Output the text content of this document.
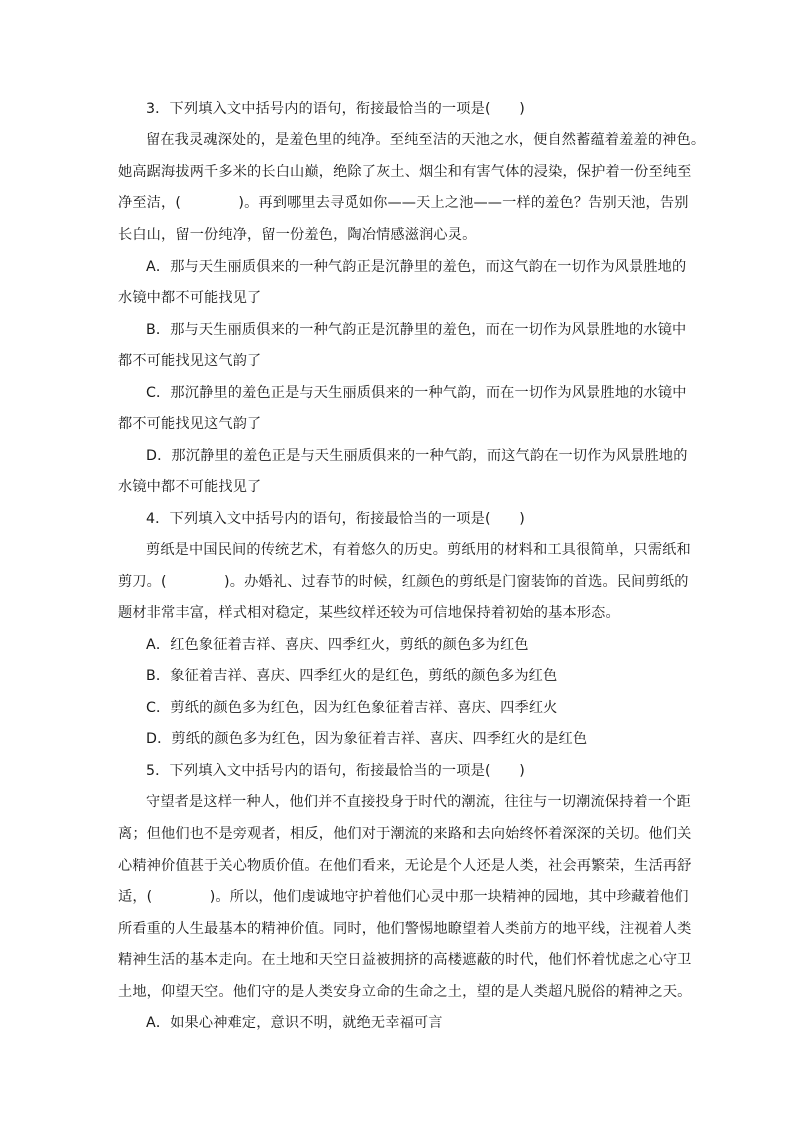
3．下列填入文中括号内的语句，衔接最恰当的一项是(　　)
留在我灵魂深处的，是羞色里的纯净。至纯至洁的天池之水，便自然蓄蕴着羞羞的神色。
她高踞海拔两千多米的长白山巅，绝除了灰土、烟尘和有害气体的浸染，保护着一份至纯至
净至洁，(　　　　)。再到哪里去寻觅如你——天上之池——一样的羞色？告别天池，告别
长白山，留一份纯净，留一份羞色，陶冶情感滋润心灵。
A．那与天生丽质俱来的一种气韵正是沉静里的羞色，而这气韵在一切作为风景胜地的
水镜中都不可能找见了
B．那与天生丽质俱来的一种气韵正是沉静里的羞色，而在一切作为风景胜地的水镜中
都不可能找见这气韵了
C．那沉静里的羞色正是与天生丽质俱来的一种气韵，而在一切作为风景胜地的水镜中
都不可能找见这气韵了
D．那沉静里的羞色正是与天生丽质俱来的一种气韵，而这气韵在一切作为风景胜地的
水镜中都不可能找见了
4．下列填入文中括号内的语句，衔接最恰当的一项是(　　)
剪纸是中国民间的传统艺术，有着悠久的历史。剪纸用的材料和工具很简单，只需纸和
剪刀。(　　　　)。办婚礼、过春节的时候，红颜色的剪纸是门窗装饰的首选。民间剪纸的
题材非常丰富，样式相对稳定，某些纹样还较为可信地保持着初始的基本形态。
A．红色象征着吉祥、喜庆、四季红火，剪纸的颜色多为红色
B．象征着吉祥、喜庆、四季红火的是红色，剪纸的颜色多为红色
C．剪纸的颜色多为红色，因为红色象征着吉祥、喜庆、四季红火
D．剪纸的颜色多为红色，因为象征着吉祥、喜庆、四季红火的是红色
5．下列填入文中括号内的语句，衔接最恰当的一项是(　　)
守望者是这样一种人，他们并不直接投身于时代的潮流，往往与一切潮流保持着一个距
离；但他们也不是旁观者，相反，他们对于潮流的来路和去向始终怀着深深的关切。他们关
心精神价值甚于关心物质价值。在他们看来，无论是个人还是人类，社会再繁荣，生活再舒
适，(　　　　)。所以，他们虔诚地守护着他们心灵中那一块精神的园地，其中珍藏着他们
所看重的人生最基本的精神价值。同时，他们警惕地瞭望着人类前方的地平线，注视着人类
精神生活的基本走向。在土地和天空日益被拥挤的高楼遮蔽的时代，他们怀着忧虑之心守卫
土地，仰望天空。他们守的是人类安身立命的生命之土，望的是人类超凡脱俗的精神之天。
A．如果心神难定，意识不明，就绝无幸福可言
